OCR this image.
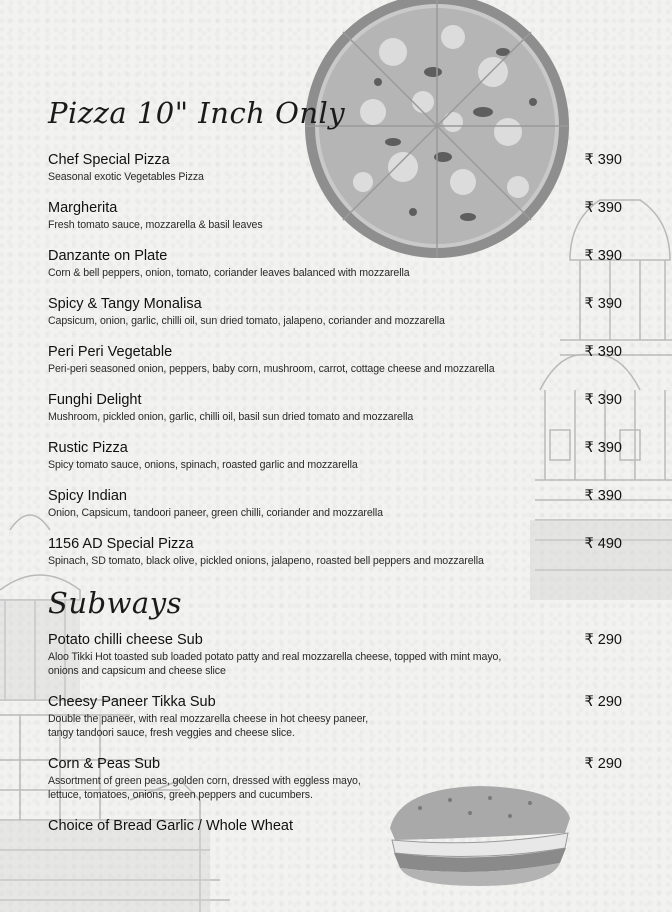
Pizza 10" Inch Only
Chef Special Pizza
Seasonal exotic Vegetables Pizza
₹ 390
Margherita
Fresh tomato sauce, mozzarella & basil leaves
₹ 390
Danzante on Plate
Corn & bell peppers, onion, tomato, coriander leaves balanced with mozzarella
₹ 390
Spicy & Tangy Monalisa
Capsicum, onion, garlic, chilli oil, sun dried tomato, jalapeno, coriander and mozzarella
₹ 390
Peri Peri Vegetable
Peri-peri seasoned onion, peppers, baby corn, mushroom, carrot, cottage cheese and mozzarella
₹ 390
Funghi Delight
Mushroom, pickled onion, garlic, chilli oil, basil sun dried tomato and mozzarella
₹ 390
Rustic Pizza
Spicy tomato sauce, onions, spinach, roasted garlic and mozzarella
₹ 390
Spicy Indian
Onion, Capsicum, tandoori paneer, green chilli, coriander and mozzarella
₹ 390
1156 AD Special Pizza
Spinach, SD tomato, black olive, pickled onions, jalapeno, roasted bell peppers and mozzarella
₹ 490
Subways
Potato chilli cheese Sub
Aloo Tikki Hot toasted sub loaded potato patty and real mozzarella cheese, topped with mint mayo,
onions and capsicum and cheese slice
₹ 290
Cheesy Paneer Tikka Sub
Double the paneer, with real mozzarella cheese in hot cheesy paneer,
tangy tandoori sauce, fresh veggies and cheese slice.
₹ 290
Corn & Peas Sub
Assortment of green peas, golden corn, dressed with eggless mayo,
lettuce, tomatoes, onions, green peppers and cucumbers.
₹ 290
Choice of Bread Garlic / Whole Wheat
